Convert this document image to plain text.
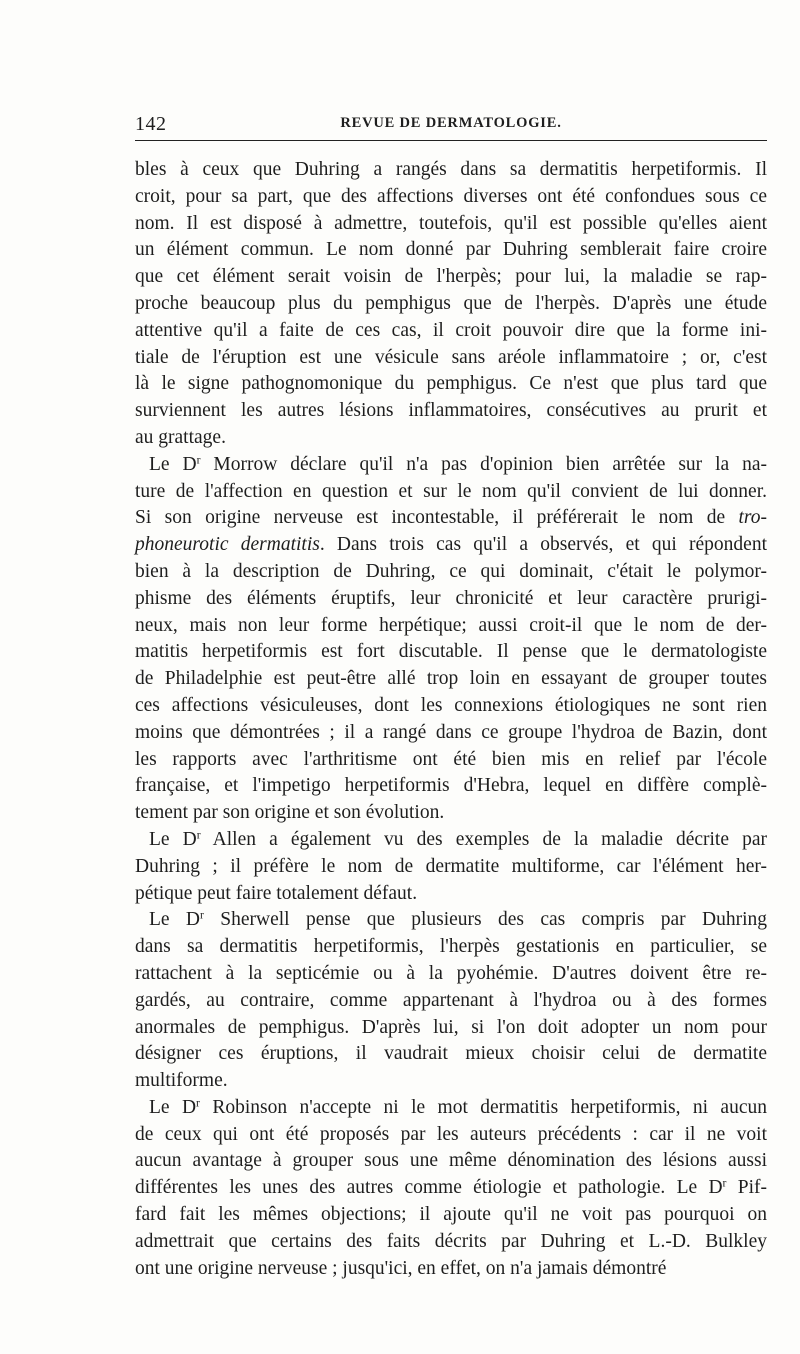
142	REVUE DE DERMATOLOGIE.
bles à ceux que Duhring a rangés dans sa dermatitis herpetiformis. Il
croit, pour sa part, que des affections diverses ont été confondues sous ce
nom. Il est disposé à admettre, toutefois, qu'il est possible qu'elles aient
un élément commun. Le nom donné par Duhring semblerait faire croire
que cet élément serait voisin de l'herpès; pour lui, la maladie se rap-
proche beaucoup plus du pemphigus que de l'herpès. D'après une étude
attentive qu'il a faite de ces cas, il croit pouvoir dire que la forme ini-
tiale de l'éruption est une vésicule sans aréole inflammatoire ; or, c'est
là le signe pathognomonique du pemphigus. Ce n'est que plus tard que
surviennent les autres lésions inflammatoires, consécutives au prurit et
au grattage.
Le $D^r$ Morrow déclare qu'il n'a pas d'opinion bien arrêtée sur la na-
ture de l'affection en question et sur le nom qu'il convient de lui donner.
Si son origine nerveuse est incontestable, il préférerait le nom de tro-
phoneurotic dermatitis. Dans trois cas qu'il a observés, et qui répondent
bien à la description de Duhring, ce qui dominait, c'était le polymor-
phisme des éléments éruptifs, leur chronicité et leur caractère prurigi-
neux, mais non leur forme herpétique; aussi croit-il que le nom de der-
matitis herpetiformis est fort discutable. Il pense que le dermatologiste
de Philadelphie est peut-être allé trop loin en essayant de grouper toutes
ces affections vésiculeuses, dont les connexions étiologiques ne sont rien
moins que démontrées ; il a rangé dans ce groupe l'hydroa de Bazin, dont
les rapports avec l'arthritisme ont été bien mis en relief par l'école
française, et l'impetigo herpetiformis d'Hebra, lequel en diffère complè-
tement par son origine et son évolution.
Le $D^r$ Allen a également vu des exemples de la maladie décrite par
Duhring ; il préfère le nom de dermatite multiforme, car l'élément her-
pétique peut faire totalement défaut.
Le $D^r$ Sherwell pense que plusieurs des cas compris par Duhring
dans sa dermatitis herpetiformis, l'herpès gestationis en particulier, se
rattachent à la septicémie ou à la pyohémie. D'autres doivent être re-
gardés, au contraire, comme appartenant à l'hydroa ou à des formes
anormales de pemphigus. D'après lui, si l'on doit adopter un nom pour
désigner ces éruptions, il vaudrait mieux choisir celui de dermatite
multiforme.
Le $D^r$ Robinson n'accepte ni le mot dermatitis herpetiformis, ni aucun
de ceux qui ont été proposés par les auteurs précédents : car il ne voit
aucun avantage à grouper sous une même dénomination des lésions aussi
différentes les unes des autres comme étiologie et pathologie. Le $D^r$ Pif-
fard fait les mêmes objections; il ajoute qu'il ne voit pas pourquoi on
admettrait que certains des faits décrits par Duhring et L.-D. Bulkley
ont une origine nerveuse ; jusqu'ici, en effet, on n'a jamais démontré
